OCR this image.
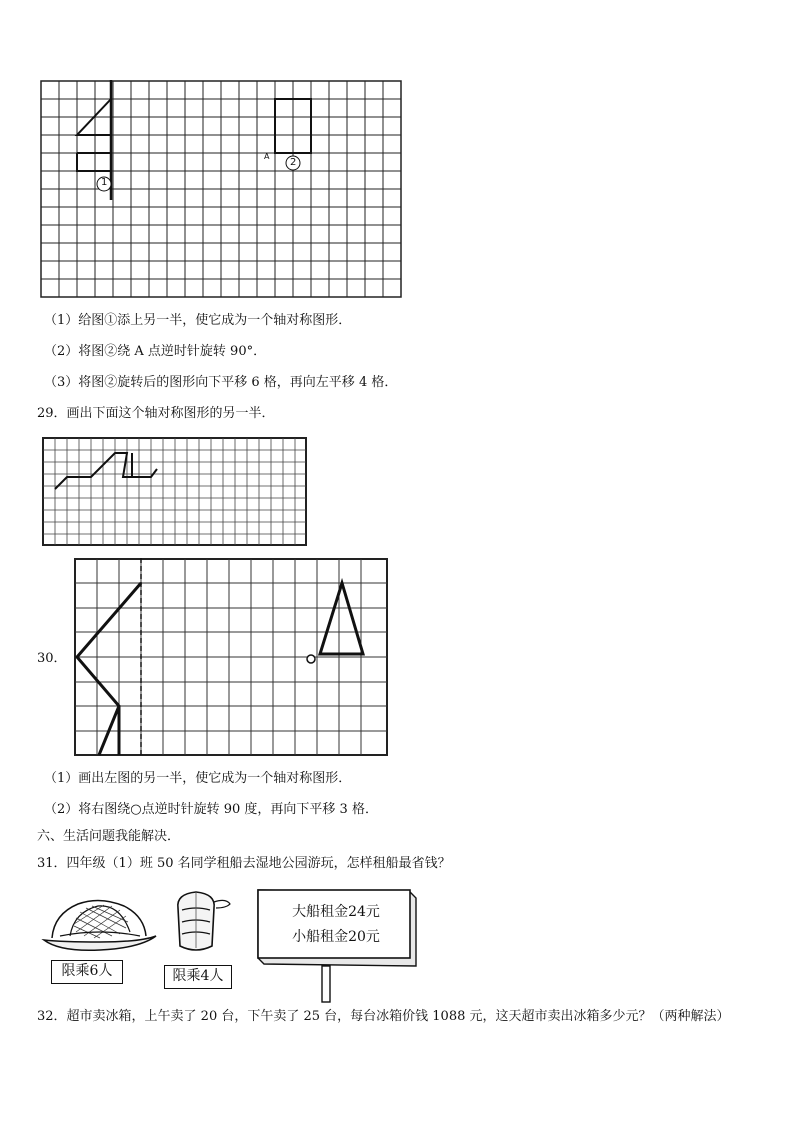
1
2
A
（1）给图①添上另一半，使它成为一个轴对称图形．
（2）将图②绕 A 点逆时针旋转 90°．
（3）将图②旋转后的图形向下平移 6 格，再向左平移 4 格．
29．画出下面这个轴对称图形的另一半．
30．
（1）画出左图的另一半，使它成为一个轴对称图形．
（2）将右图绕○点逆时针旋转 90 度，再向下平移 3 格．
六、生活问题我能解决．
31．四年级（1）班 50 名同学租船去湿地公园游玩，怎样租船最省钱？
限乘6人	限乘4人
大船租金24元
小船租金20元
32．超市卖冰箱，上午卖了 20 台，下午卖了 25 台，每台冰箱价钱 1088 元，这天超市卖出冰箱多少元？（两种解法）
